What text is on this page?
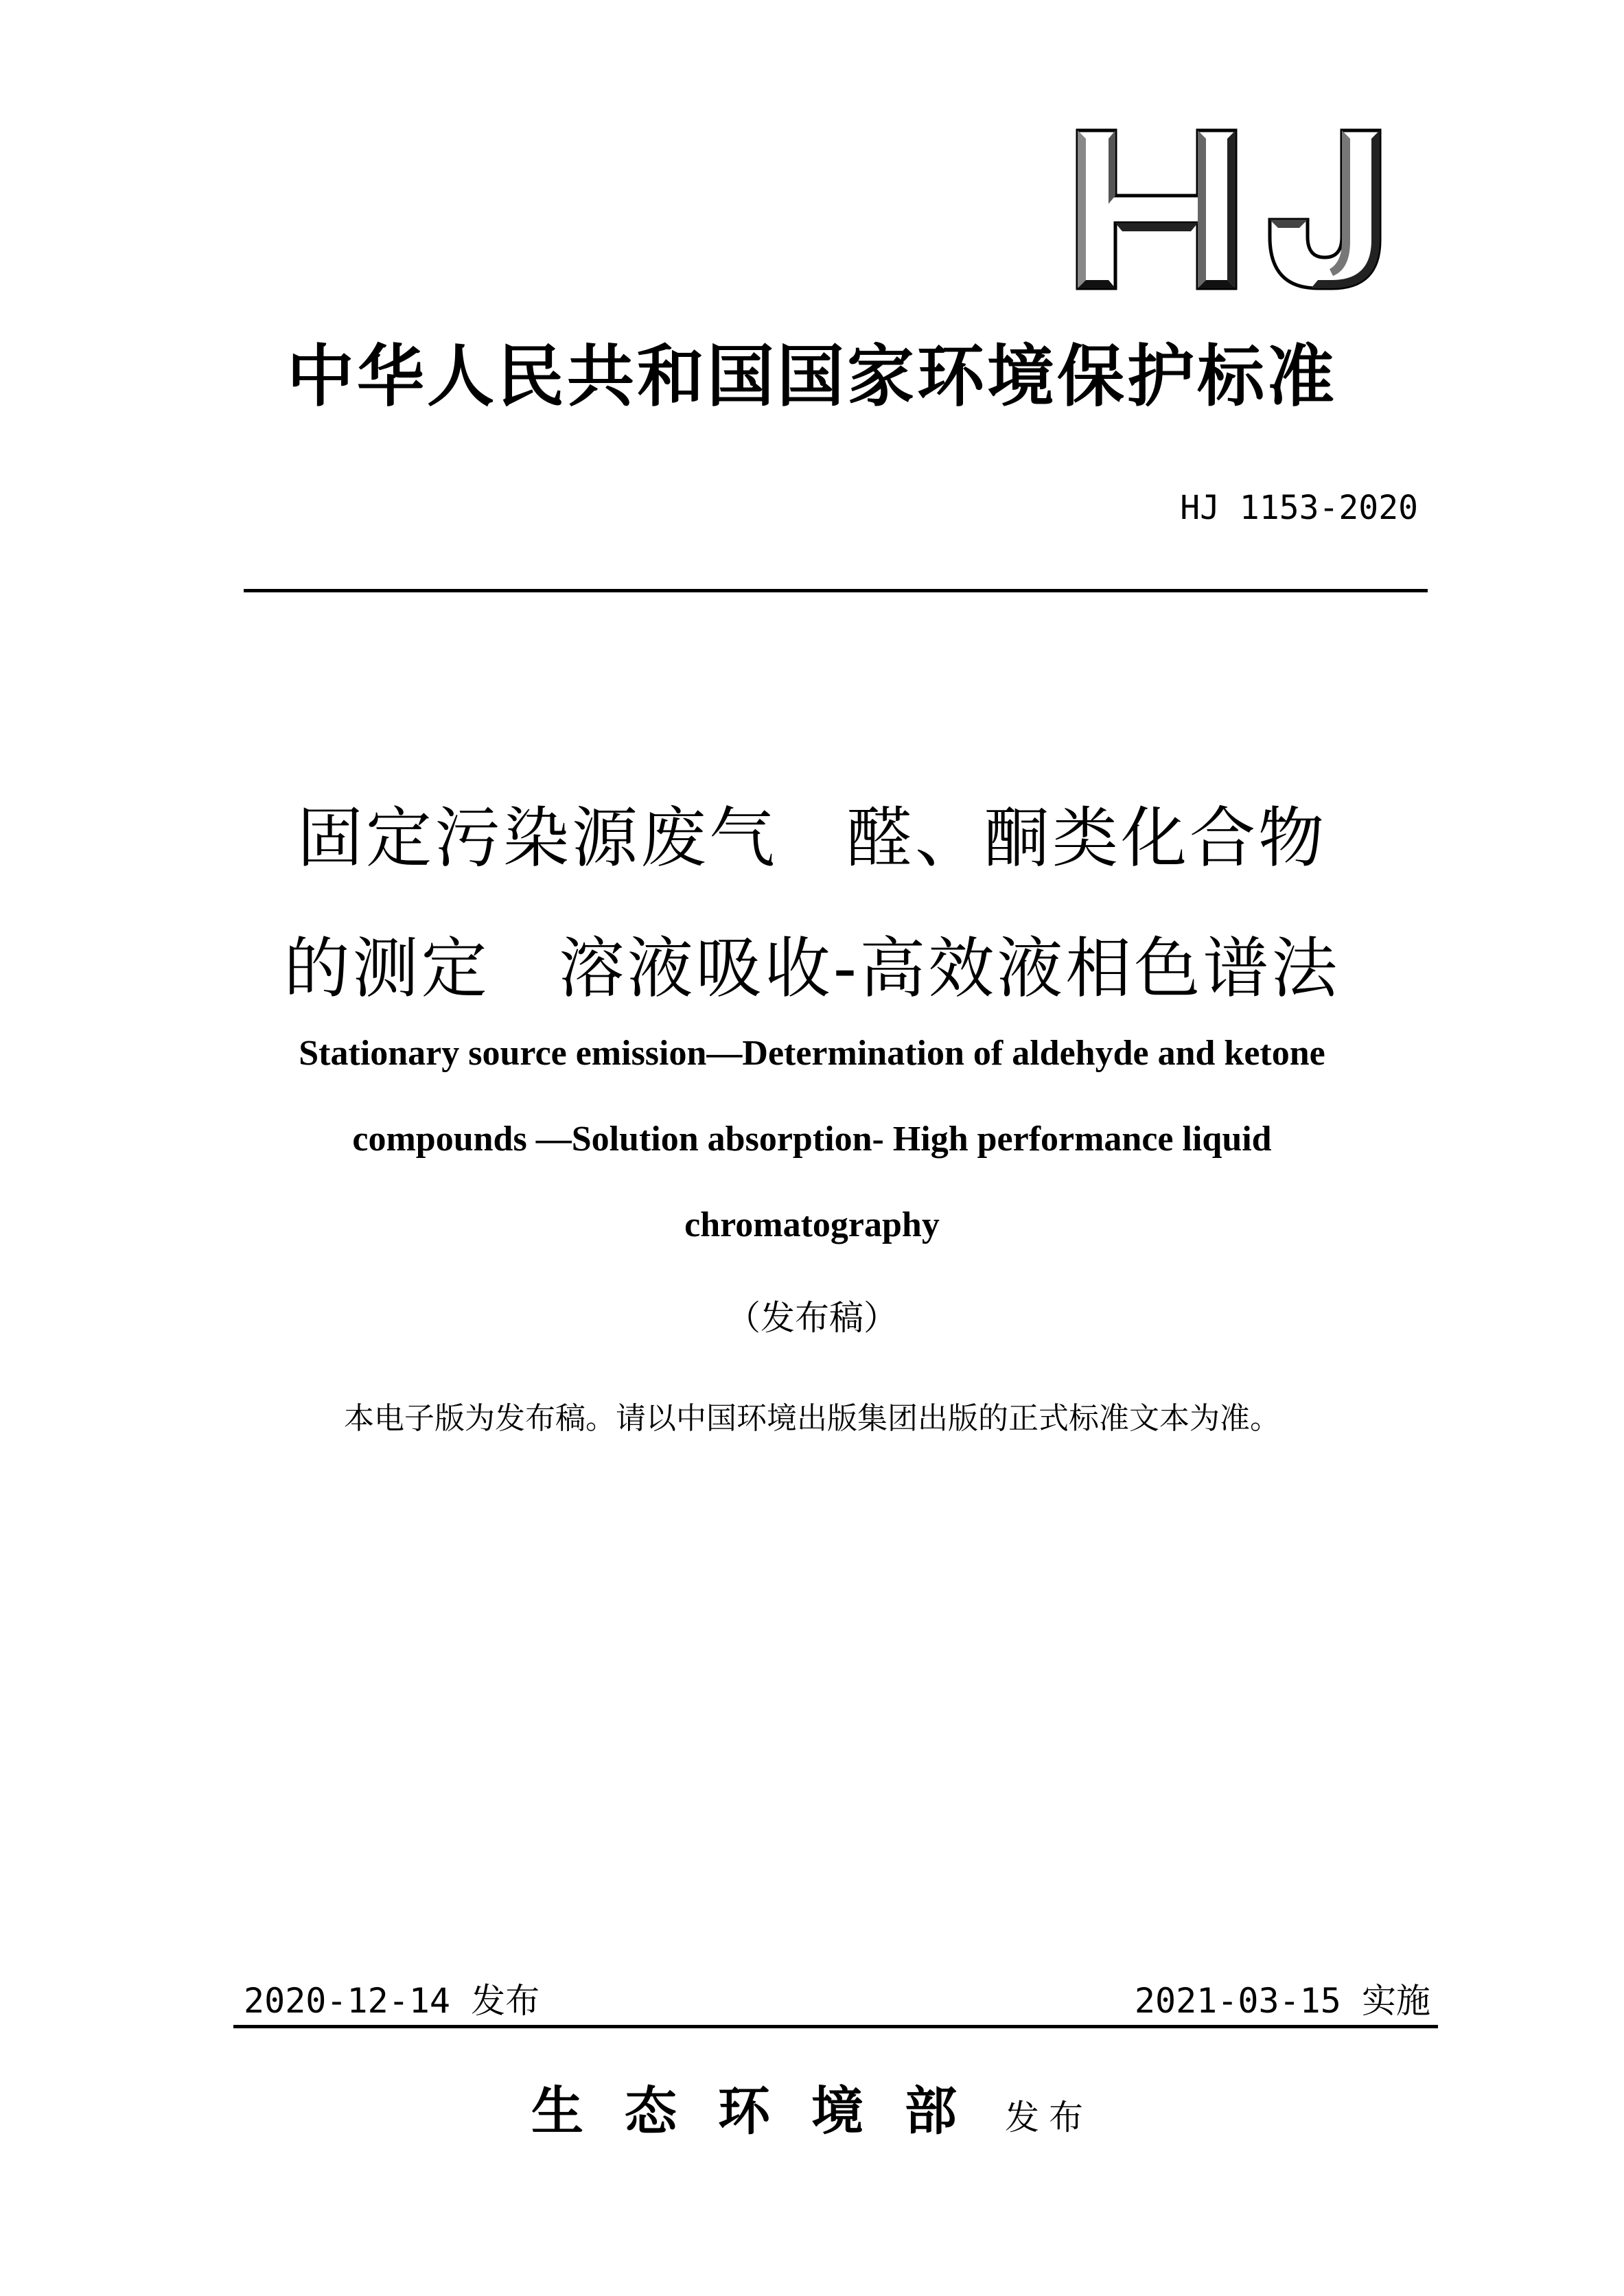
中华人民共和国国家环境保护标准
HJ 1153-2020
固定污染源废气　醛、酮类化合物
的测定　溶液吸收-高效液相色谱法
Stationary source emission—Determination of aldehyde and ketone
compounds —Solution absorption- High performance liquid
chromatography
（发布稿）
本电子版为发布稿。请以中国环境出版集团出版的正式标准文本为准。
2020-12-14 发布	2021-03-15 实施
生态环境部 发布
